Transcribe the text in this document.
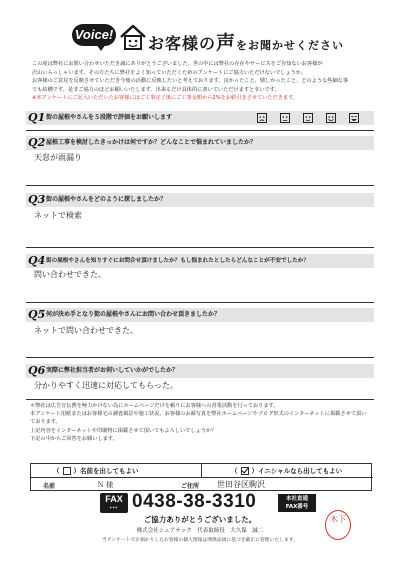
Voice! お客様の声をお聞かせください
この度は弊社にお問い合わせいただき誠にありがとうございました。世の中には弊社の存在やサービスをご存知ないお客様が
沢山いらっしゃいます。その方たちに弊社をよく知っていただくためのアンケートにご協力いただけないでしょうか。
お客様のご意見を反映させていただき今後の活動に反映したいと考えております。良かったこと、嬉しかったこと、どのような些細な事
でも結構です。是非ご協力のほどお願いいたします。出来るだけ具体的に書いていただけますと幸いです。
※本アンケートにご記入いただいたお客様にはご工事完了後にご工事金額から2%をお値引きさせていただきます。
Q1 街の屋根やさんを５段階で評価をお願いします
Q2 屋根工事を検討したきっかけは何ですか？どんなことで悩まれていましたか？
天窓が雨漏り
Q3 街の屋根やさんをどのように探しましたか？
ネットで検索
Q4 街の屋根やさんを知りすぐにお問合せ頂けましたか？もし悩まれたとしたらどんなことが不安でしたか？
問い合わせできた。
Q5 何が決め手となり街の屋根やさんにお問い合わせ頂きましたか？
ネットで問い合わせできた。
Q6 実際に弊社担当者がお伺いしていかがでしたか？
分かりやすく迅速に対応してもらった。
＊弊社は広告宣伝費を極力かけない為にホームページだけを頼りにお客様への営業活動を行っております。
本アンケート用紙またはお客様宅の調査風景や施工状況、お客様のお顔写真を弊社ホームページやブログ形式のインターネットに掲載させて頂いております。
上記内容をインターネットや印刷物に掲載させて頂いてもよろしいでしょうか？
下記の中からご回答をお願いします。
（ ）名前を出してもよい	（ ）イニシャルなら出してもよい
名前	Ｎ 様	ご住所 世田谷区駒沢
FAX
▪▪▪ 0438-38-3310	本社直通
FAX番号
ご協力ありがとうございました。
株式会社シェアテック　代表取締役　大久保　誠二
当アンケートでお預かりしたお客様の個人情報は関係法規に基づき厳正に管理いたします。
木下
